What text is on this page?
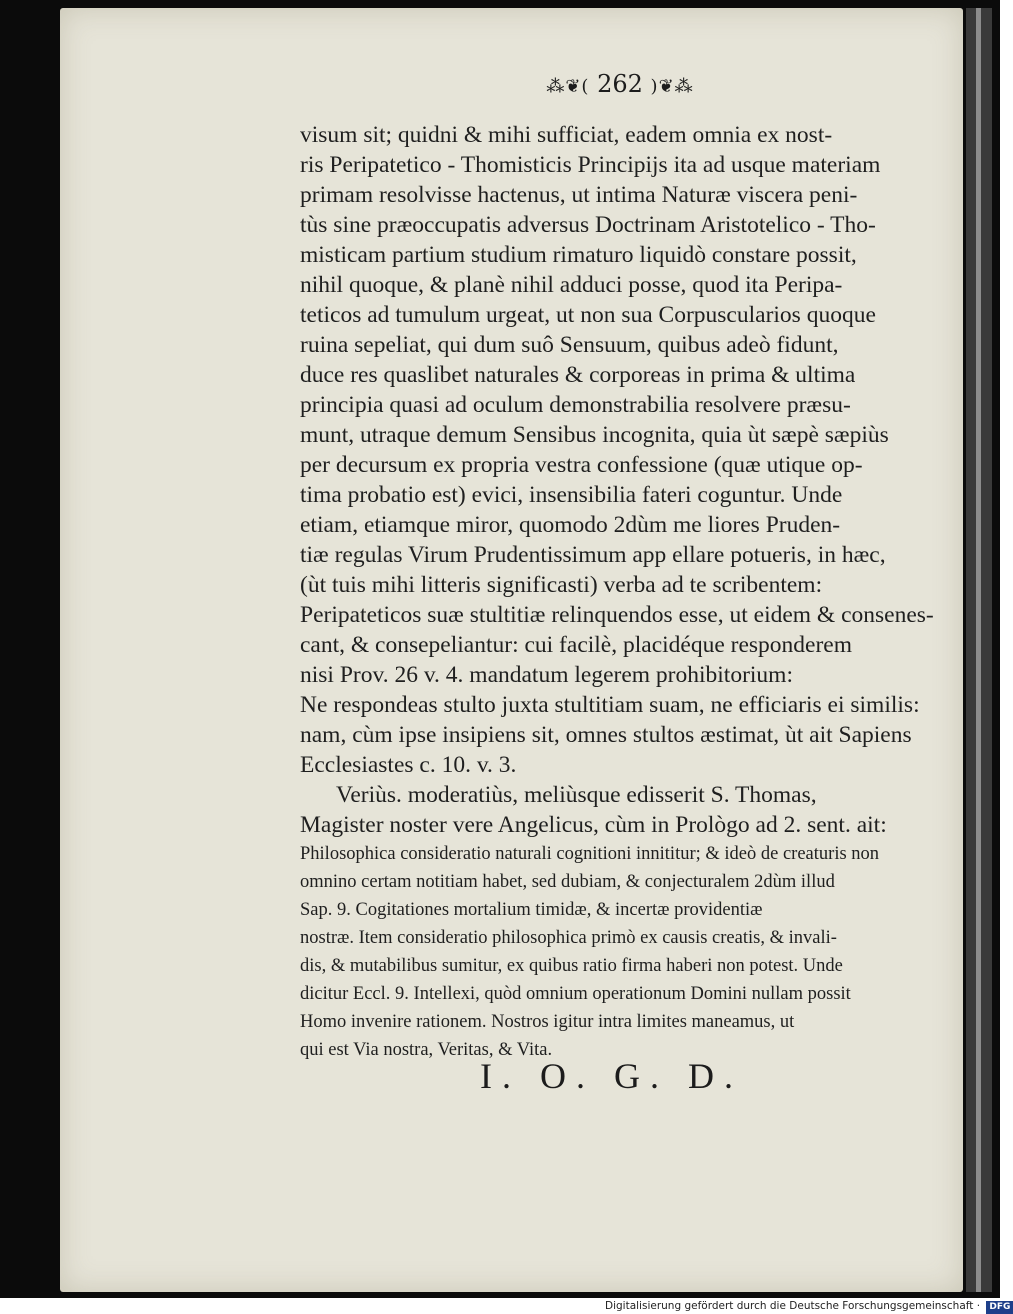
⁂❦( 262 )❦⁂
visum sit; quidni & mihi sufficiat, eadem omnia ex nost-
ris Peripatetico - Thomisticis Principijs ita ad usque materiam
primam resolvisse hactenus, ut intima Naturæ viscera peni-
tùs sine præoccupatis adversus Doctrinam Aristotelico - Tho-
misticam partium studium rimaturo liquidò constare possit,
nihil quoque, & planè nihil adduci posse, quod ita Peripa-
teticos ad tumulum urgeat, ut non sua Corpuscularios quoque
ruina sepeliat, qui dum suô Sensuum, quibus adeò fidunt,
duce res quaslibet naturales & corporeas in prima & ultima
principia quasi ad oculum demonstrabilia resolvere præsu-
munt, utraque demum Sensibus incognita, quia ùt sæpè sæpiùs
per decursum ex propria vestra confessione (quæ utique op-
tima probatio est) evici, insensibilia fateri coguntur. Unde
etiam, etiamque miror, quomodo 2dùm me liores Pruden-
tiæ regulas Virum Prudentissimum app ellare potueris, in hæc,
(ùt tuis mihi litteris significasti) verba ad te scribentem:
Peripateticos suæ stultitiæ relinquendos esse, ut eidem & consenes-
cant, & consepeliantur: cui facilè, placidéque responderem
nisi Prov. 26 v. 4. mandatum legerem prohibitorium:
Ne respondeas stulto juxta stultitiam suam, ne efficiaris ei similis:
nam, cùm ipse insipiens sit, omnes stultos æstimat, ùt ait Sapiens
Ecclesiastes c. 10. v. 3.
Veriùs. moderatiùs, meliùsque edisserit S. Thomas,
Magister noster vere Angelicus, cùm in Prològo ad 2. sent. ait:
Philosophica consideratio naturali cognitioni innititur; & ideò de creaturis non
omnino certam notitiam habet, sed dubiam, & conjecturalem 2dùm illud
Sap. 9. Cogitationes mortalium timidæ, & incertæ providentiæ
nostræ. Item consideratio philosophica primò ex causis creatis, & invali-
dis, & mutabilibus sumitur, ex quibus ratio firma haberi non potest. Unde
dicitur Eccl. 9. Intellexi, quòd omnium operationum Domini nullam possit
Homo invenire rationem. Nostros igitur intra limites maneamus, ut
qui est Via nostra, Veritas, & Vita.
I. O. G. D.
Digitalisierung gefördert durch die Deutsche Forschungsgemeinschaft · DFG
